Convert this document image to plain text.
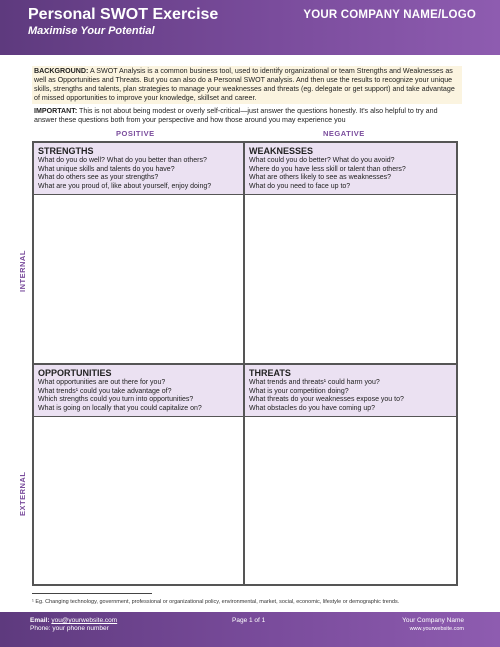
Personal SWOT Exercise
Maximise Your Potential
YOUR COMPANY NAME/LOGO

BACKGROUND: A SWOT Analysis is a common business tool, used to identify organizational or team Strengths and Weaknesses as well as Opportunities and Threats. But you can also do a Personal SWOT analysis. And then use the results to recognize your unique skills, strengths and talents, plan strategies to manage your weaknesses and threats (eg. delegate or get support) and take advantage of missed opportunities to improve your knowledge, skillset and career.

IMPORTANT: This is not about being modest or overly self-critical—just answer the questions honestly. It's also helpful to try and answer these questions both from your perspective and how those around you may experience you

POSITIVE	NEGATIVE
INTERNAL
EXTERNAL
STRENGTHS

What do you do well? What do you better than others?

What unique skills and talents do you have?

What do others see as your strengths?

What are you proud of, like about yourself, enjoy doing?

WEAKNESSES

What could you do better? What do you avoid?

Where do you have less skill or talent than others?

What are others likely to see as weaknesses?

What do you need to face up to?

OPPORTUNITIES

What opportunities are out there for you?

What trends¹ could you take advantage of?

Which strengths could you turn into opportunities?

What is going on locally that you could capitalize on?

THREATS

What trends and threats¹ could harm you?

What is your competition doing?

What threats do your weaknesses expose you to?

What obstacles do you have coming up?

¹ Eg. Changing technology, government, professional or organizational policy, environmental, market, social, economic, lifestyle or demographic trends.
Email: you@yourwebsite.com
Phone: your phone number
Page 1 of 1	Your Company Name
www.yourwebsite.com
